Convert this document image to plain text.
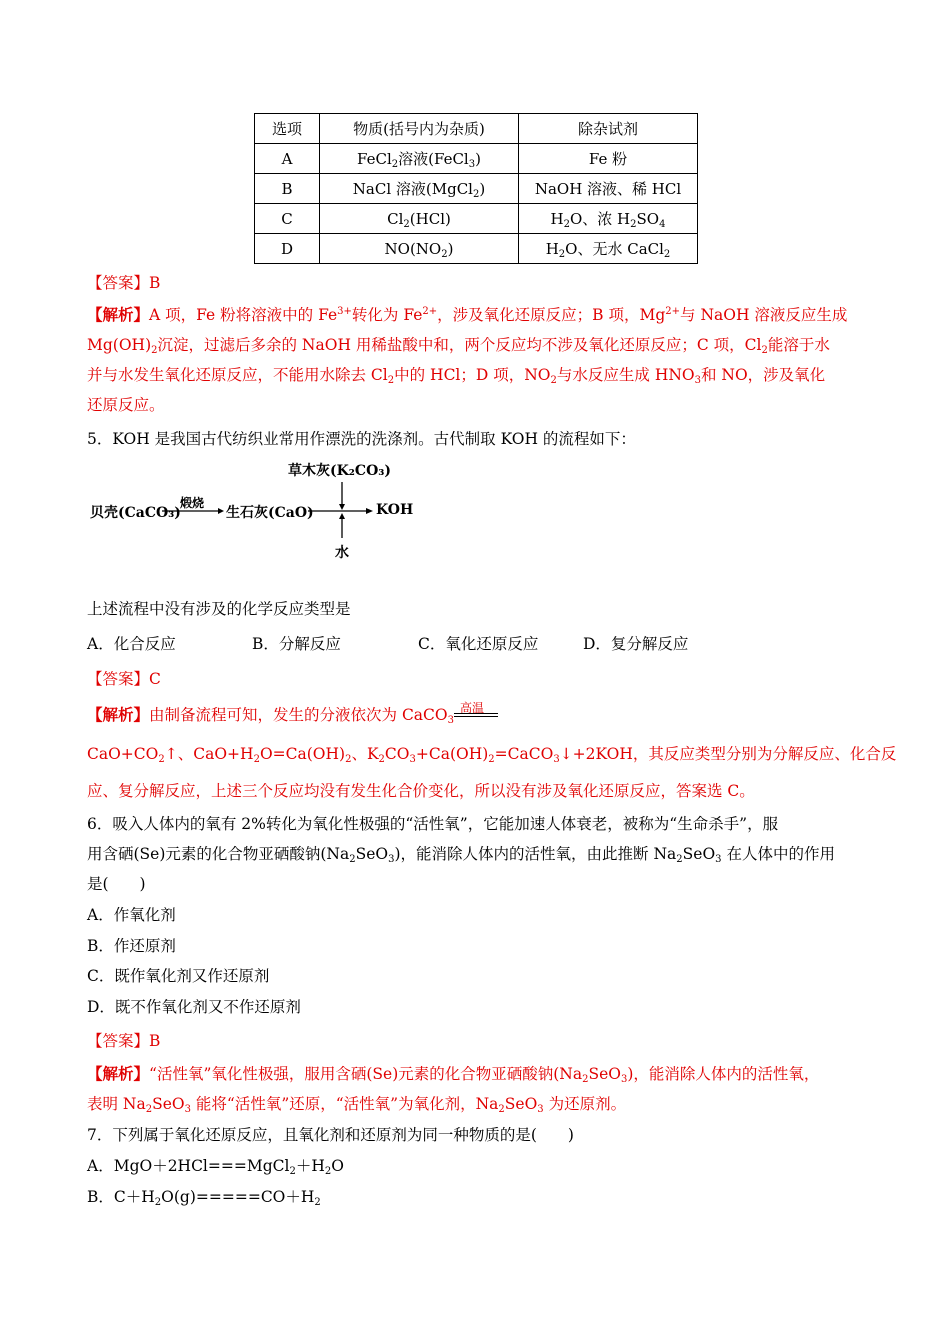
选项	物质(括号内为杂质)	除杂试剂
A	FeCl$_2$溶液(FeCl$_3$)	Fe 粉
B	NaCl 溶液(MgCl$_2$)	NaOH 溶液、稀 HCl
C	$Cl_2(HCl)$	$H_2O$、浓 $H_2SO_4$
D	$NO(NO_2)$	$H_2O$、无水 CaCl$_2$
【答案】B
【解析】A 项，Fe 粉将溶液中的 $Fe^{3+}$转化为 $Fe^{2+}$，涉及氧化还原反应；B 项，$Mg^{2+}$与 NaOH 溶液反应生成
$Mg(OH)_2$沉淀，过滤后多余的 NaOH 用稀盐酸中和，两个反应均不涉及氧化还原反应；C 项，$Cl_2$能溶于水
并与水发生氧化还原反应，不能用水除去 $Cl_2$中的 HCl；D 项，$NO_2$与水反应生成 $HNO_3$和 NO，涉及氧化
还原反应。
5．KOH 是我国古代纺织业常用作漂洗的洗涤剂。古代制取 KOH 的流程如下：
贝壳(CaCO₃)
煅烧
生石灰(CaO)
草木灰(K₂CO₃)
KOH
水
上述流程中没有涉及的化学反应类型是
A．化合反应	B．分解反应	C．氧化还原反应	D．复分解反应
【答案】C
【解析】由制备流程可知，发生的分液依次为 CaCO$_3$
高温
$CaO+CO_2↑$、$CaO+H_2O=Ca(OH)_2$、$K_2CO_3+Ca(OH)_2=CaCO_3↓+2KOH$，其反应类型分别为分解反应、化合反
应、复分解反应，上述三个反应均没有发生化合价变化，所以没有涉及氧化还原反应，答案选 C。
6．吸入人体内的氧有 2%转化为氧化性极强的“活性氧”，它能加速人体衰老，被称为“生命杀手”，服
用含硒(Se)元素的化合物亚硒酸钠$(Na_2SeO_3)$，能消除人体内的活性氧，由此推断 $Na_2SeO_3$ 在人体中的作用
是(　　)
A．作氧化剂
B．作还原剂
C．既作氧化剂又作还原剂
D．既不作氧化剂又不作还原剂
【答案】B
【解析】“活性氧”氧化性极强，服用含硒(Se)元素的化合物亚硒酸钠$(Na_2SeO_3)$，能消除人体内的活性氧，
表明 $Na_2SeO_3$ 能将“活性氧”还原，“活性氧”为氧化剂，$Na_2SeO_3$ 为还原剂。
7．下列属于氧化还原反应，且氧化剂和还原剂为同一种物质的是(　　)
A．$MgO+2HCl===MgCl_2+H_2O$
B．$C+H_2O(g)=====CO+H_2$
